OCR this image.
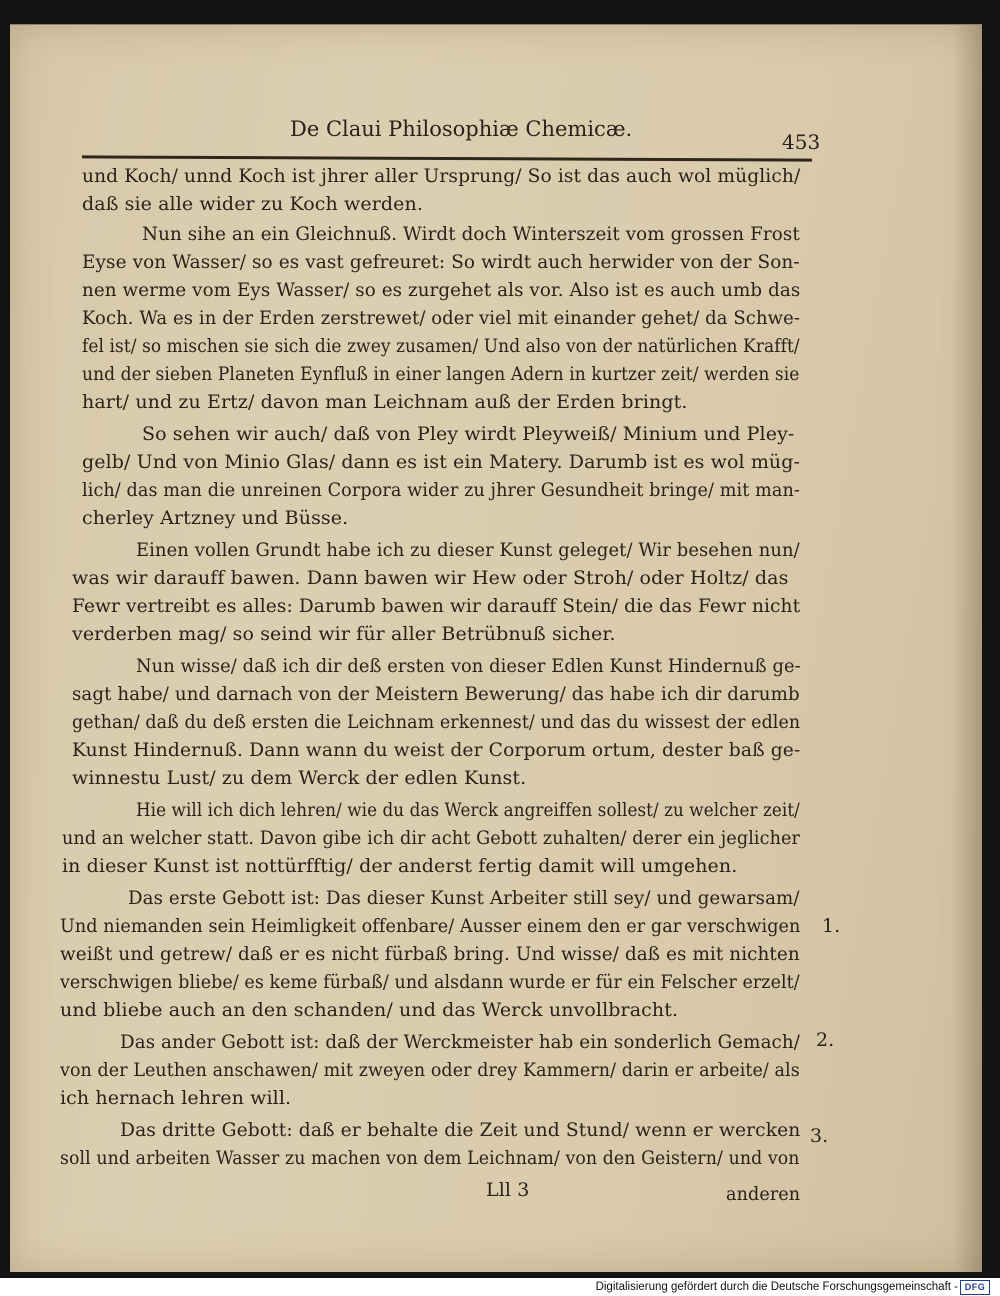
De Claui Philosophiæ Chemicæ.
453
und Koch/ unnd Koch ist jhrer aller Ursprung/ So ist das auch wol müglich/
daß sie alle wider zu Koch werden.
Nun sihe an ein Gleichnuß. Wirdt doch Winterszeit vom grossen Frost
Eyse von Wasser/ so es vast gefreuret: So wirdt auch herwider von der Son-
nen werme vom Eys Wasser/ so es zurgehet als vor. Also ist es auch umb das
Koch. Wa es in der Erden zerstrewet/ oder viel mit einander gehet/ da Schwe-
fel ist/ so mischen sie sich die zwey zusamen/ Und also von der natürlichen Krafft/
und der sieben Planeten Eynfluß in einer langen Adern in kurtzer zeit/ werden sie
hart/ und zu Ertz/ davon man Leichnam auß der Erden bringt.
So sehen wir auch/ daß von Pley wirdt Pleyweiß/ Minium und Pley-
gelb/ Und von Minio Glas/ dann es ist ein Matery. Darumb ist es wol müg-
lich/ das man die unreinen Corpora wider zu jhrer Gesundheit bringe/ mit man-
cherley Artzney und Büsse.
Einen vollen Grundt habe ich zu dieser Kunst geleget/ Wir besehen nun/
was wir darauff bawen. Dann bawen wir Hew oder Stroh/ oder Holtz/ das
Fewr vertreibt es alles: Darumb bawen wir darauff Stein/ die das Fewr nicht
verderben mag/ so seind wir für aller Betrübnuß sicher.
Nun wisse/ daß ich dir deß ersten von dieser Edlen Kunst Hindernuß ge-
sagt habe/ und darnach von der Meistern Bewerung/ das habe ich dir darumb
gethan/ daß du deß ersten die Leichnam erkennest/ und das du wissest der edlen
Kunst Hindernuß. Dann wann du weist der Corporum ortum, dester baß ge-
winnestu Lust/ zu dem Werck der edlen Kunst.
Hie will ich dich lehren/ wie du das Werck angreiffen sollest/ zu welcher zeit/
und an welcher statt. Davon gibe ich dir acht Gebott zuhalten/ derer ein jeglicher
in dieser Kunst ist nottürfftig/ der anderst fertig damit will umgehen.
Das erste Gebott ist: Das dieser Kunst Arbeiter still sey/ und gewarsam/
Und niemanden sein Heimligkeit offenbare/ Ausser einem den er gar verschwigen
weißt und getrew/ daß er es nicht fürbaß bring. Und wisse/ daß es mit nichten
verschwigen bliebe/ es keme fürbaß/ und alsdann wurde er für ein Felscher erzelt/
und bliebe auch an den schanden/ und das Werck unvollbracht.
Das ander Gebott ist: daß der Werckmeister hab ein sonderlich Gemach/
von der Leuthen anschawen/ mit zweyen oder drey Kammern/ darin er arbeite/ als
ich hernach lehren will.
Das dritte Gebott: daß er behalte die Zeit und Stund/ wenn er wercken
soll und arbeiten Wasser zu machen von dem Leichnam/ von den Geistern/ und von
Lll 3	anderen
1.
2.
3.
Digitalisierung gefördert durch die Deutsche Forschungsgemeinschaft - DFG
